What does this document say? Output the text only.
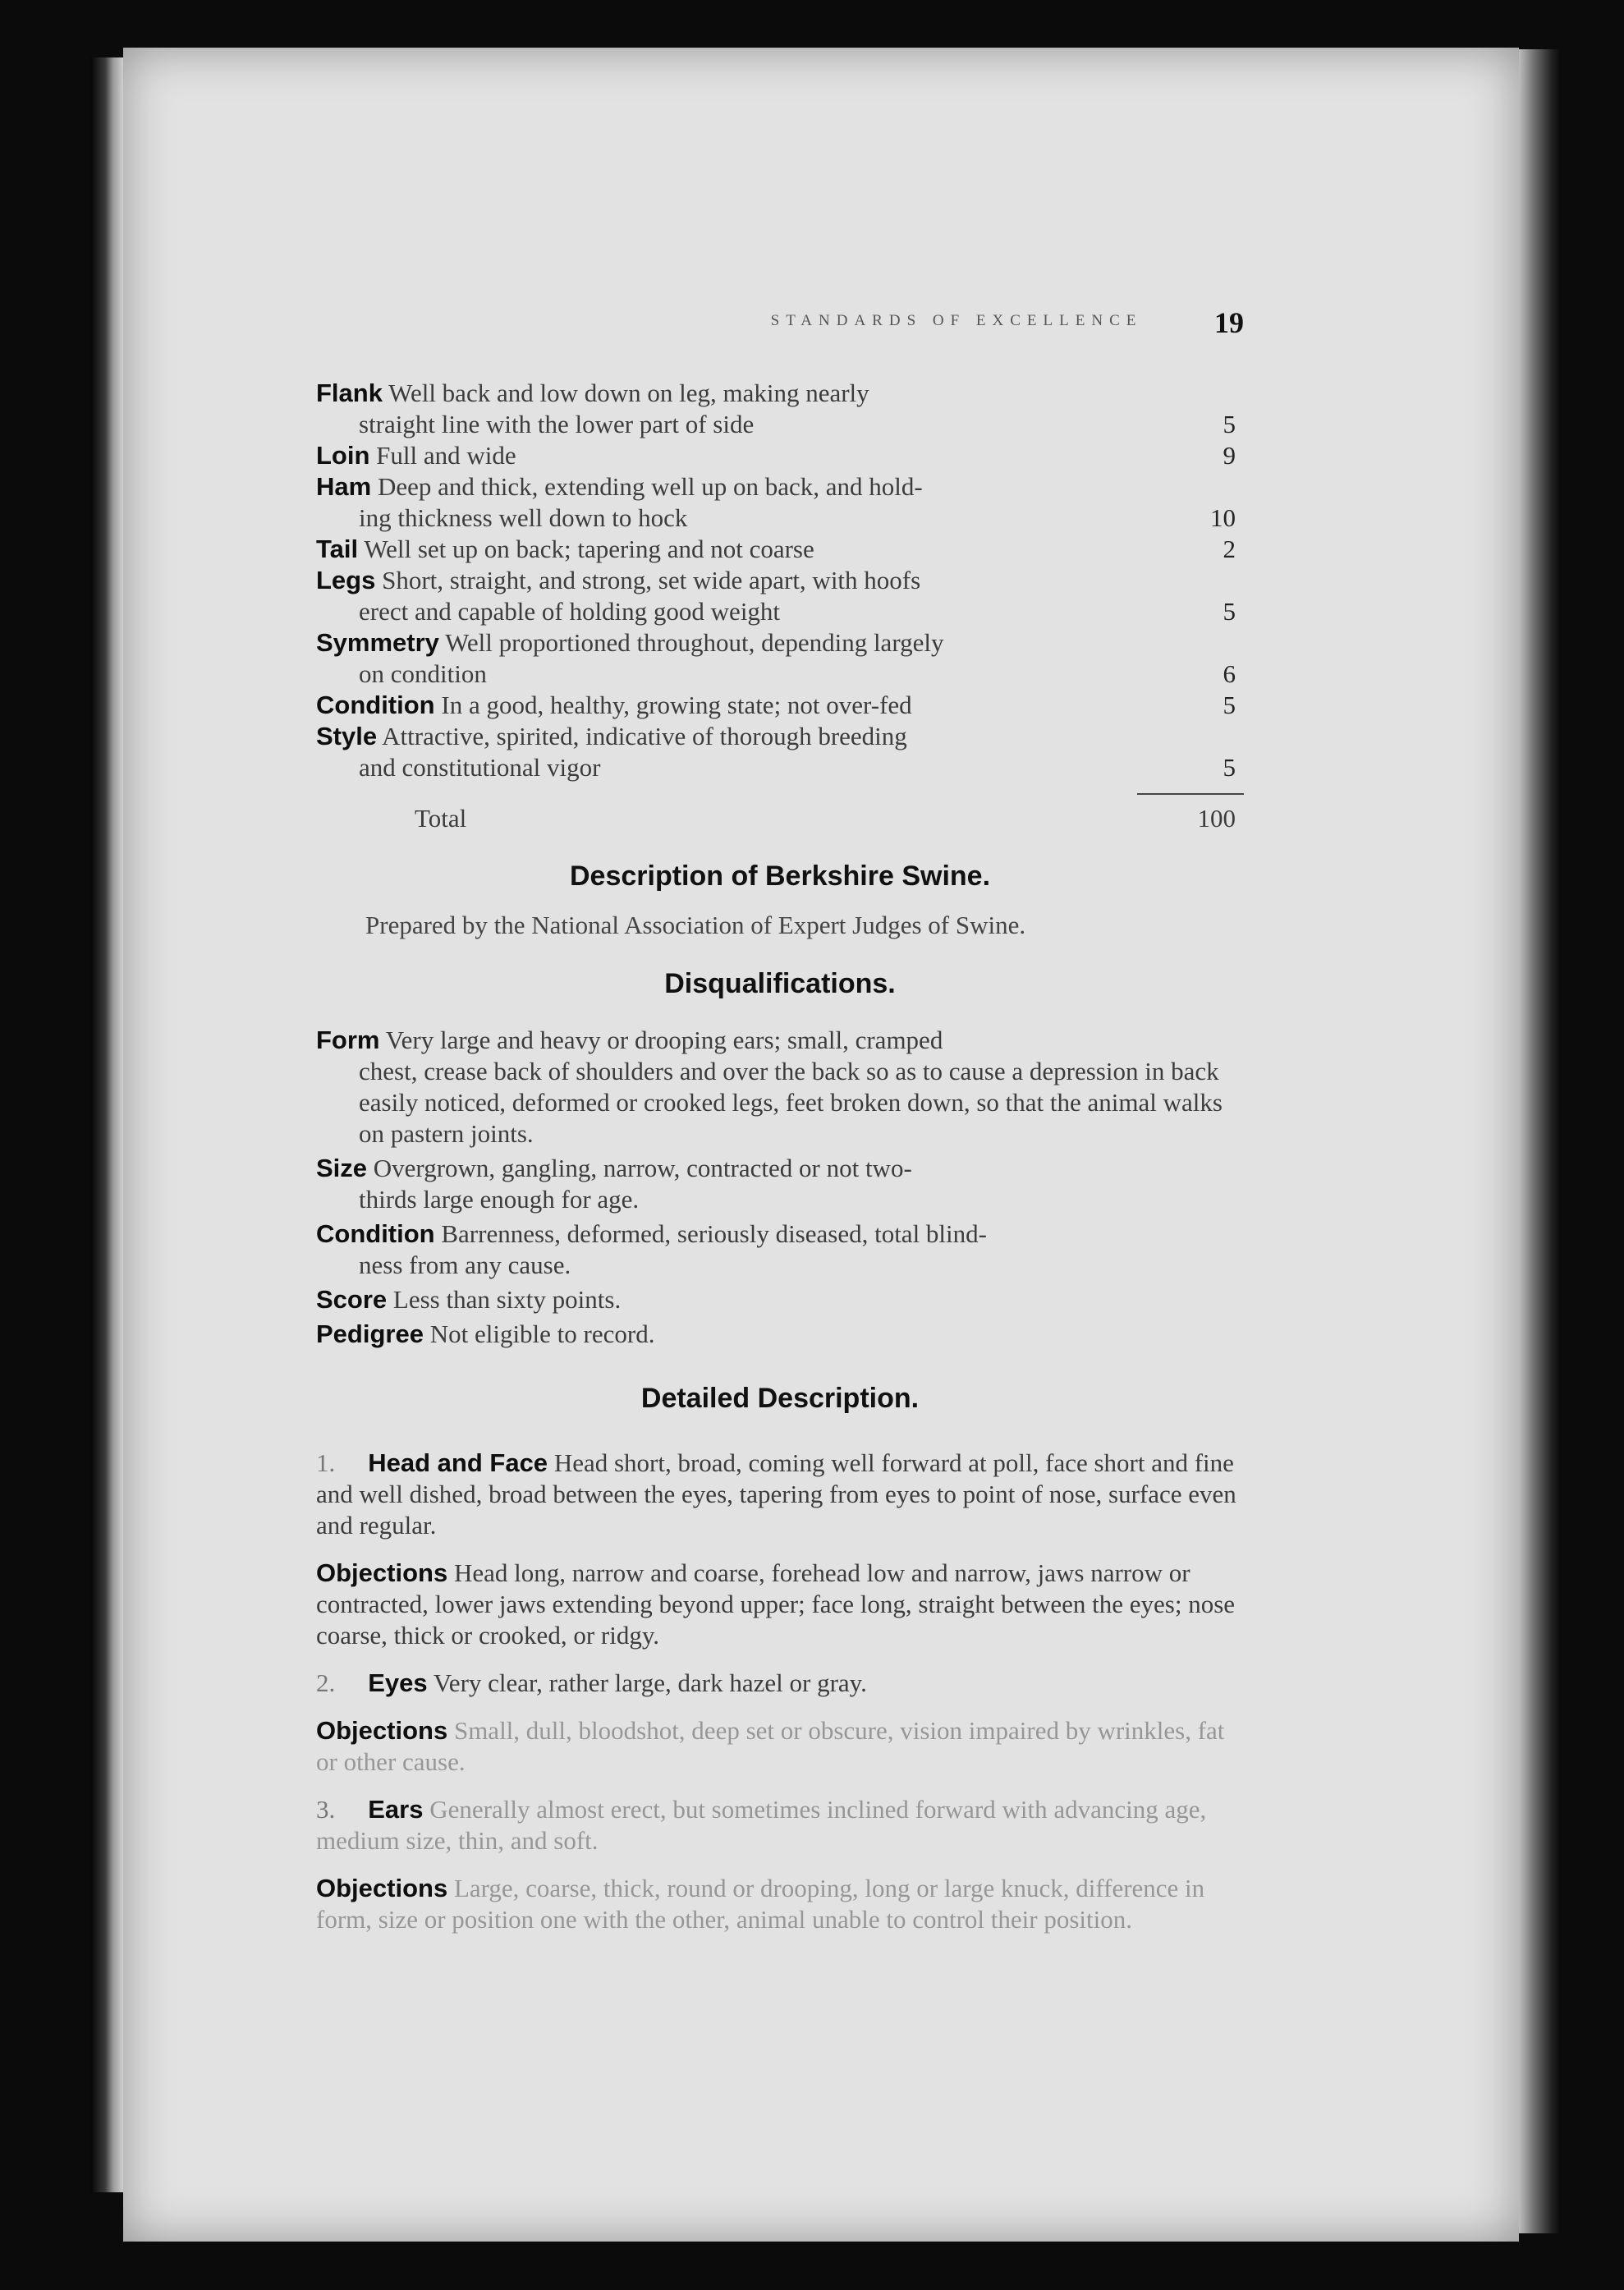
STANDARDS OF EXCELLENCE	19
Flank Well back and low down on leg, making nearly
straight line with the lower part of side	5
Loin Full and wide	9
Ham Deep and thick, extending well up on back, and hold-
ing thickness well down to hock	10
Tail Well set up on back; tapering and not coarse	2
Legs Short, straight, and strong, set wide apart, with hoofs
erect and capable of holding good weight	5
Symmetry Well proportioned throughout, depending largely
on condition	6
Condition In a good, healthy, growing state; not over-fed	5
Style Attractive, spirited, indicative of thorough breeding
and constitutional vigor	5
Total	100
Description of Berkshire Swine.
Prepared by the National Association of Expert Judges of Swine.
Disqualifications.
Form Very large and heavy or drooping ears; small, cramped
chest, crease back of shoulders and over the back so as to cause a depression in back easily noticed, deformed or crooked legs, feet broken down, so that the animal walks on pastern joints.
Size Overgrown, gangling, narrow, contracted or not two-
thirds large enough for age.
Condition Barrenness, deformed, seriously diseased, total blind-
ness from any cause.
Score Less than sixty points.
Pedigree Not eligible to record.
Detailed Description.
1. Head and Face Head short, broad, coming well forward at poll, face short and fine and well dished, broad between the eyes, tapering from eyes to point of nose, surface even and regular.
Objections Head long, narrow and coarse, forehead low and narrow, jaws narrow or contracted, lower jaws extending beyond upper; face long, straight between the eyes; nose coarse, thick or crooked, or ridgy.
2. Eyes Very clear, rather large, dark hazel or gray.
Objections Small, dull, bloodshot, deep set or obscure, vision impaired by wrinkles, fat or other cause.
3. Ears Generally almost erect, but sometimes inclined forward with advancing age, medium size, thin, and soft.
Objections Large, coarse, thick, round or drooping, long or large knuck, difference in form, size or position one with the other, animal unable to control their position.
